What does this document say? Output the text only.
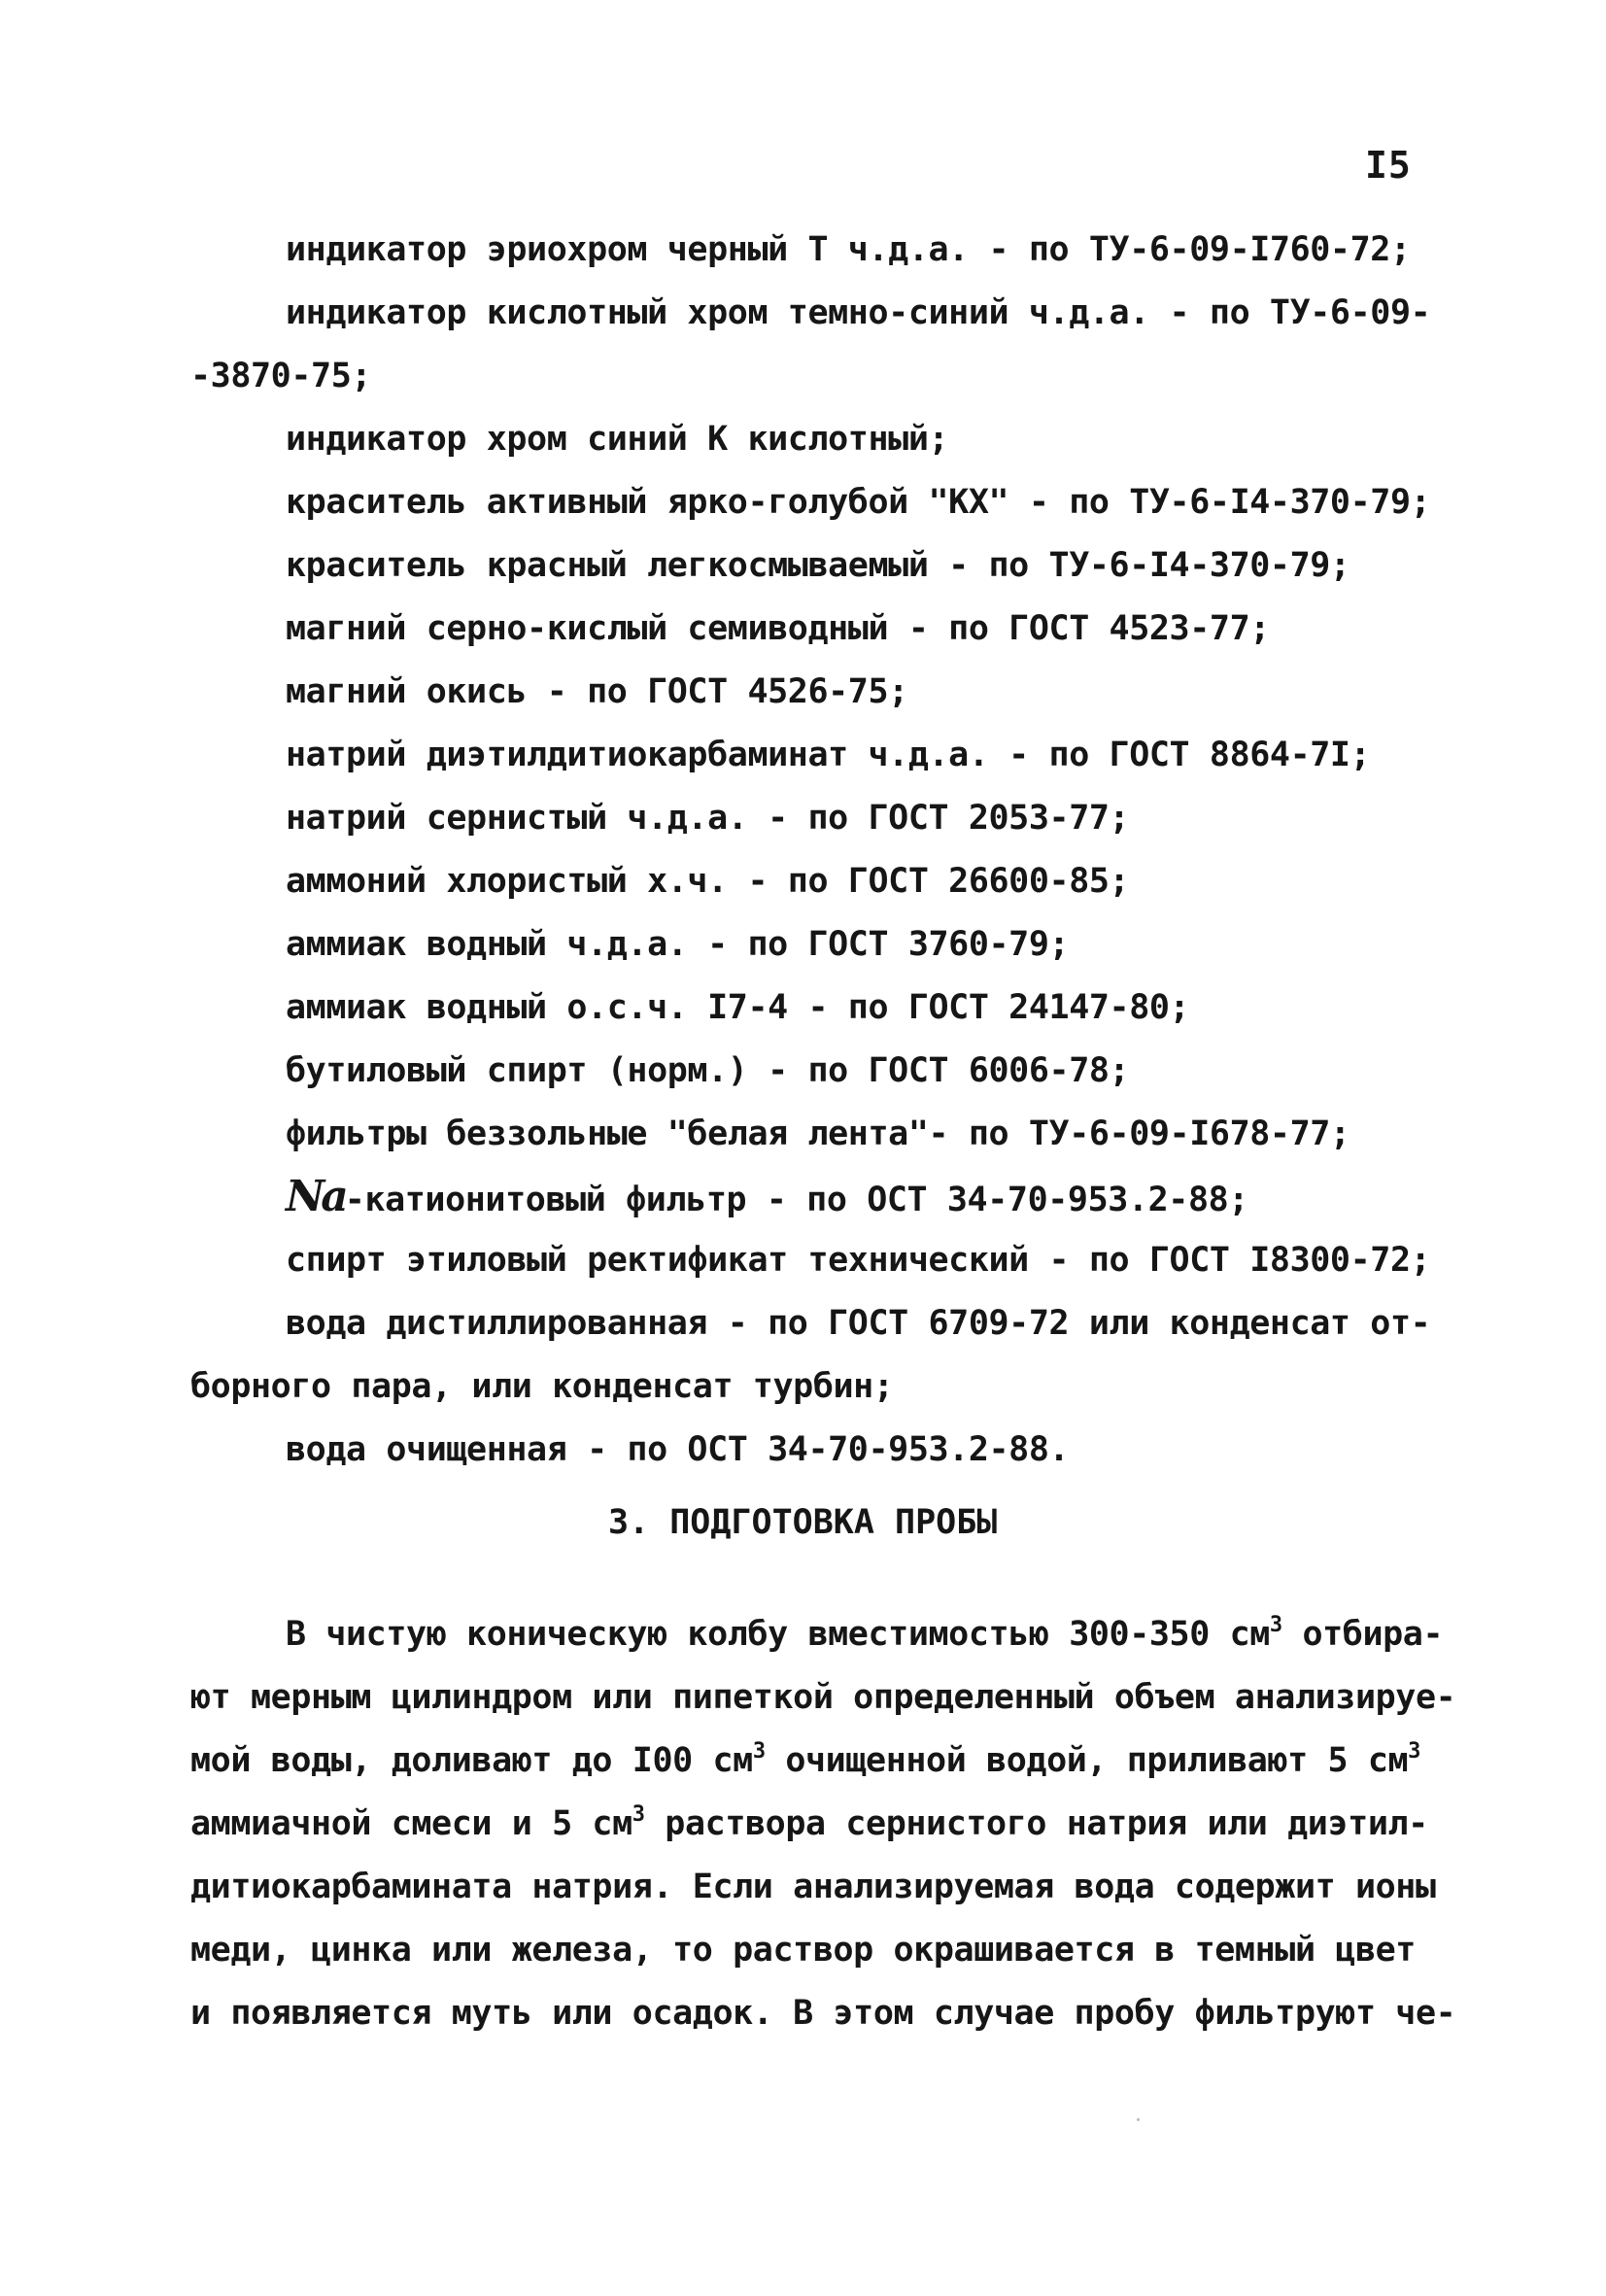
I5
индикатор эриохром черный Т ч.д.а. - по ТУ-6-09-I760-72;
индикатор кислотный хром темно-синий ч.д.а. - по ТУ-6-09-
-3870-75;
индикатор хром синий К кислотный;
краситель активный ярко-голубой "КХ" - по ТУ-6-I4-370-79;
краситель красный легкосмываемый - по ТУ-6-I4-370-79;
магний серно-кислый семиводный - по ГОСТ 4523-77;
магний окись - по ГОСТ 4526-75;
натрий диэтилдитиокарбаминат ч.д.а. - по ГОСТ 8864-7I;
натрий сернистый ч.д.а. - по ГОСТ 2053-77;
аммоний хлористый х.ч. - по ГОСТ 26600-85;
аммиак водный ч.д.а. - по ГОСТ 3760-79;
аммиак водный о.с.ч. I7-4 - по ГОСТ 24147-80;
бутиловый спирт (норм.) - по ГОСТ 6006-78;
фильтры беззольные "белая лента"- по ТУ-6-09-I678-77;
Na-катионитовый фильтр - по ОСТ 34-70-953.2-88;
спирт этиловый ректификат технический - по ГОСТ I8300-72;
вода дистиллированная - по ГОСТ 6709-72 или конденсат от-
борного пара, или конденсат турбин;
вода очищенная - по ОСТ 34-70-953.2-88.
3. ПОДГОТОВКА ПРОБЫ
В чистую коническую колбу вместимостью 300-350 $см^3$ отбира-
ют мерным цилиндром или пипеткой определенный объем анализируе-
мой воды, доливают до I00 $см^3$ очищенной водой, приливают 5 $см^3$
аммиачной смеси и 5 $см^3$ раствора сернистого натрия или диэтил-
дитиокарбамината натрия. Если анализируемая вода содержит ионы
меди, цинка или железа, то раствор окрашивается в темный цвет
и появляется муть или осадок. В этом случае пробу фильтруют че-
